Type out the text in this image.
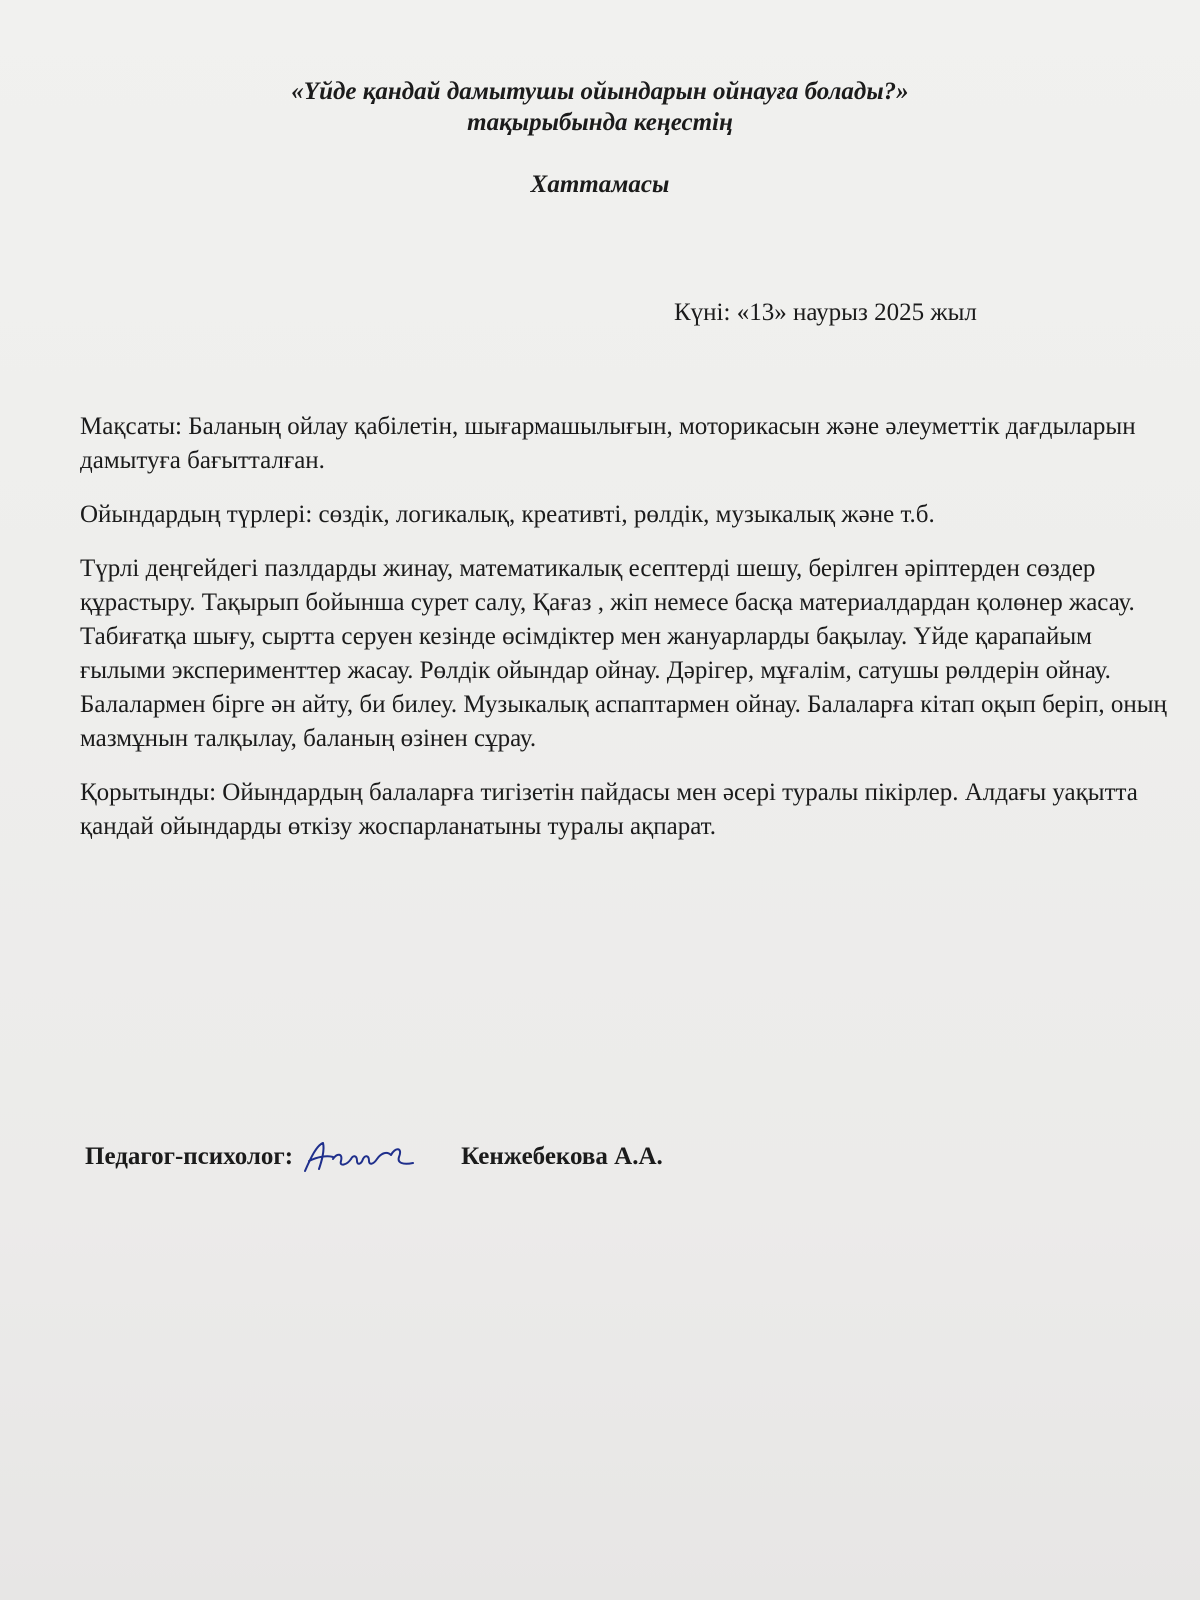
«Үйде қандай дамытушы ойындарын ойнауға болады?»
тақырыбында кеңестің
Хаттамасы
Күні: «13» наурыз 2025 жыл

Мақсаты: Баланың ойлау қабілетін, шығармашылығын, моторикасын және әлеуметтік дағдыларын дамытуға бағытталған.

Ойындардың түрлері: сөздік, логикалық, креативті, рөлдік, музыкалық және т.б.

Түрлі деңгейдегі пазлдарды жинау, математикалық есептерді шешу, берілген әріптерден сөздер құрастыру. Тақырып бойынша сурет салу, Қағаз , жіп немесе басқа материалдардан қолөнер жасау. Табиғатқа шығу, сыртта серуен кезінде өсімдіктер мен жануарларды бақылау. Үйде қарапайым ғылыми эксперименттер жасау. Рөлдік ойындар ойнау. Дәрігер, мұғалім, сатушы рөлдерін ойнау. Балалармен бірге ән айту, би билеу. Музыкалық аспаптармен ойнау. Балаларға кітап оқып беріп, оның мазмұнын талқылау, баланың өзінен сұрау.

Қорытынды: Ойындардың балаларға тигізетін пайдасы мен әсері туралы пікірлер. Алдағы уақытта қандай ойындарды өткізу жоспарланатыны туралы ақпарат.

Педагог-психолог:	Кенжебекова А.А.
